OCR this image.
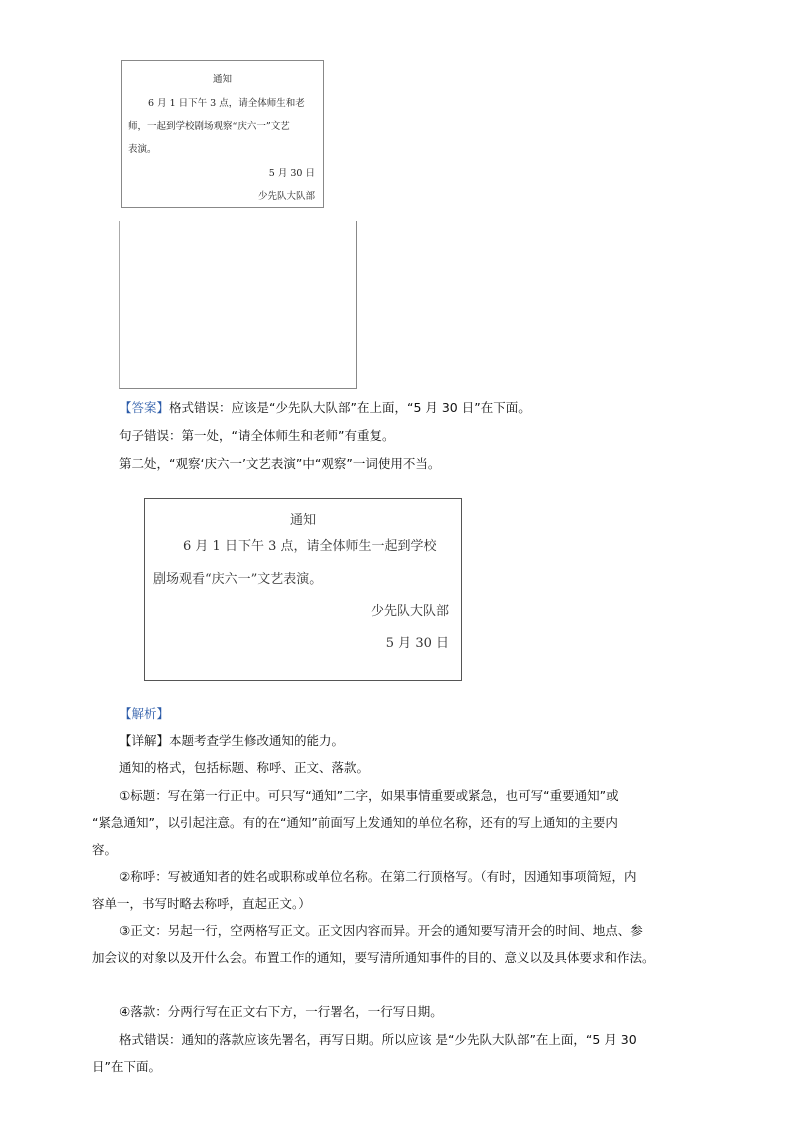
通知
6 月 1 日下午 3 点，请全体师生和老
师，一起到学校剧场观察“庆六一”文艺
表演。
5 月 30 日
少先队大队部
【答案】格式错误：应该是“少先队大队部”在上面，“5 月 30 日”在下面。
句子错误：第一处，“请全体师生和老师”有重复。
第二处，“观察‘庆六一’文艺表演”中“观察”一词使用不当。
通知
6 月 1 日下午 3 点，请全体师生一起到学校
剧场观看“庆六一”文艺表演。
少先队大队部
5 月 30 日
【解析】
【详解】本题考查学生修改通知的能力。
通知的格式，包括标题、称呼、正文、落款。
①标题：写在第一行正中。可只写“通知”二字，如果事情重要或紧急，也可写“重要通知”或
“紧急通知”，以引起注意。有的在“通知”前面写上发通知的单位名称，还有的写上通知的主要内
容。
②称呼：写被通知者的姓名或职称或单位名称。在第二行顶格写。（有时，因通知事项简短，内
容单一，书写时略去称呼，直起正文。）
③正文：另起一行，空两格写正文。正文因内容而异。开会的通知要写清开会的时间、地点、参
加会议的对象以及开什么会。布置工作的通知，要写清所通知事件的目的、意义以及具体要求和作法。
④落款：分两行写在正文右下方，一行署名，一行写日期。
格式错误：通知的落款应该先署名，再写日期。所以应该 是“少先队大队部”在上面，“5 月 30
日”在下面。
